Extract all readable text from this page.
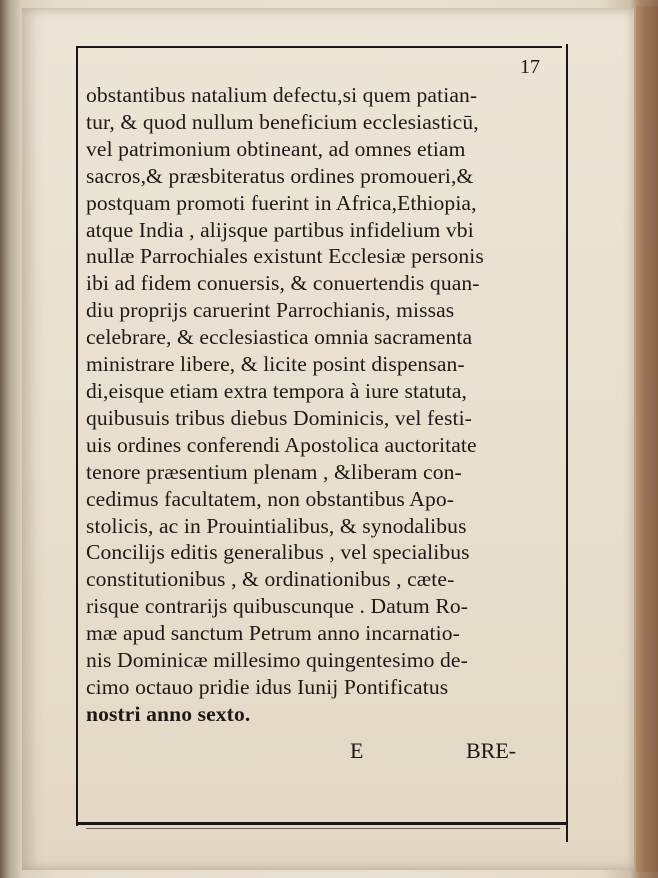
17
obstantibus natalium defectu,si quem patian-
tur, & quod nullum beneficium ecclesiasticū,
vel patrimonium obtineant, ad omnes etiam
sacros,& præsbiteratus ordines promoueri,&
postquam promoti fuerint in Africa,Ethiopia,
atque India , alijsque partibus infidelium vbi
nullæ Parrochiales existunt Ecclesiæ personis
ibi ad fidem conuersis, & conuertendis quan-
diu proprijs caruerint Parrochianis, missas
celebrare, & ecclesiastica omnia sacramenta
ministrare libere, & licite posint dispensan-
di,eisque etiam extra tempora à iure statuta,
quibusuis tribus diebus Dominicis, vel festi-
uis ordines conferendi Apostolica auctoritate
tenore præsentium plenam , &liberam con-
cedimus facultatem, non obstantibus Apo-
stolicis, ac in Prouintialibus, & synodalibus
Concilijs editis generalibus , vel specialibus
constitutionibus , & ordinationibus , cæte-
risque contrarijs quibuscunque . Datum Ro-
mæ apud sanctum Petrum anno incarnatio-
nis Dominicæ millesimo quingentesimo de-
cimo octauo pridie idus Iunij Pontificatus
nostri anno sexto.
E	BRE-
